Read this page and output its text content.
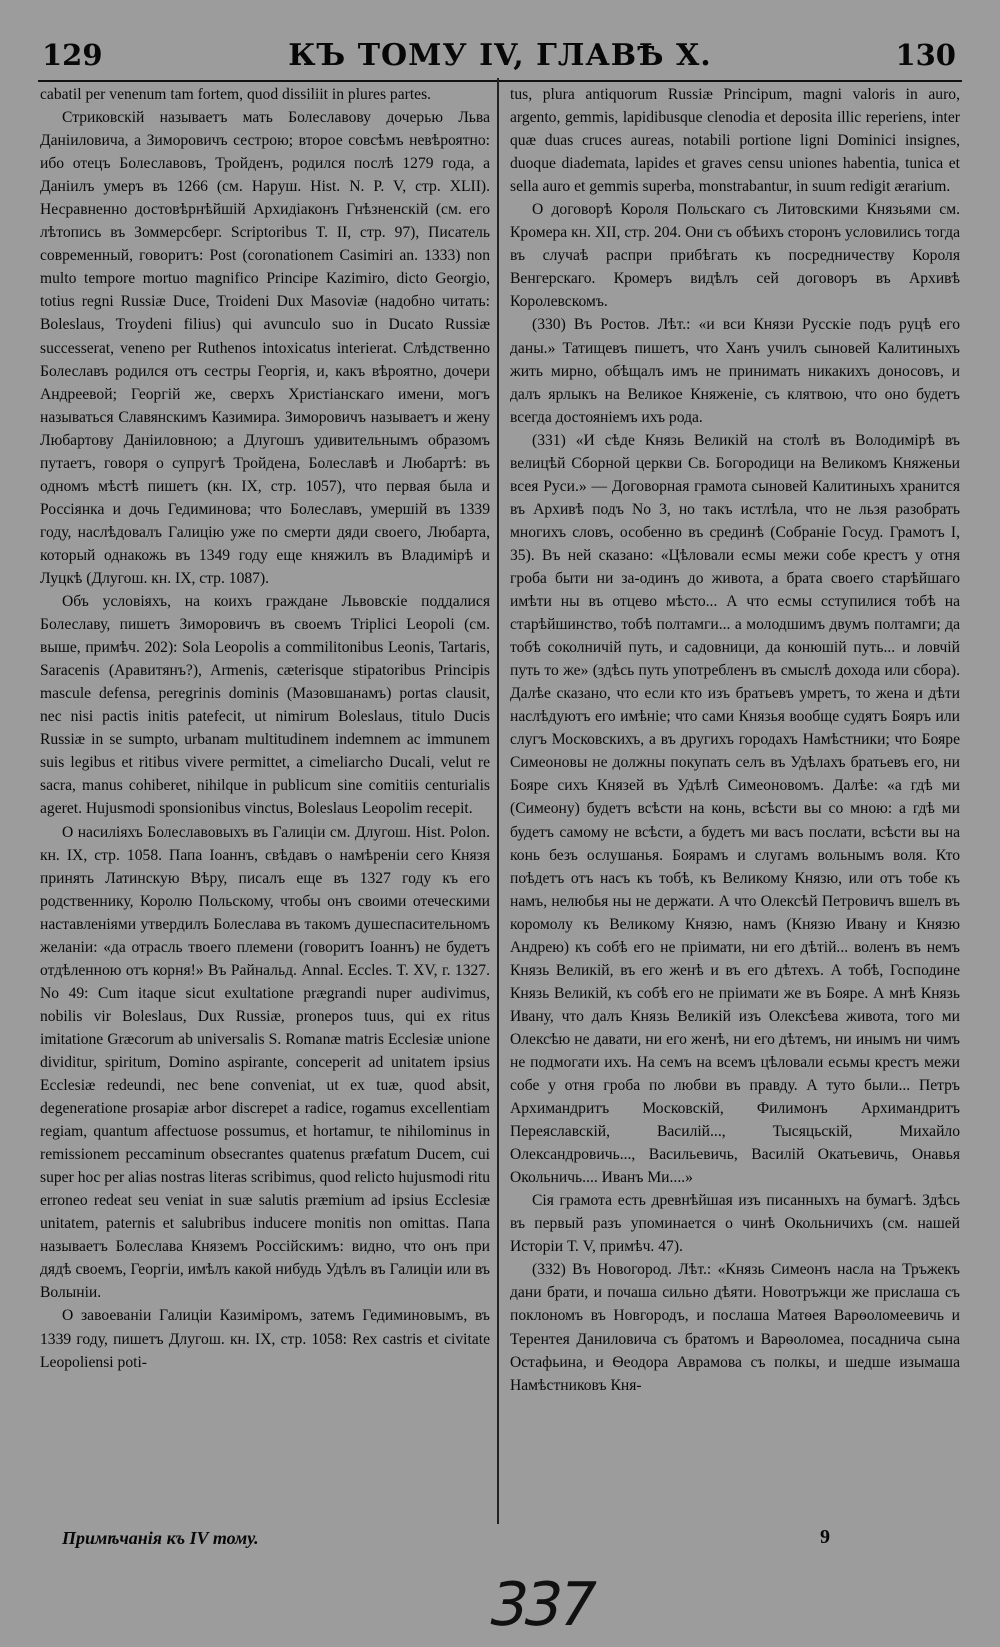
129	КЪ ТОМУ IV, ГЛАВѢ X.	130

cabatil per venenum tam fortem, quod dissiliit in plures partes.

Стриковскій называетъ мать Болеславову дочерью Льва Даніиловича, а Зиморовичъ сестрою; второе совсѣмъ невѣроятно: ибо отецъ Болеславовъ, Тройденъ, родился послѣ 1279 года, а Даніилъ умеръ въ 1266 (см. Наруш. Hist. N. P. V, стр. XLII). Несравненно достовѣрнѣйшій Архидіаконъ Гнѣзненскій (см. его лѣтопись въ Зоммерсберг. Scriptoribus T. II, стр. 97), Писатель современный, говоритъ: Post (coronationem Casimiri an. 1333) non multo tempore mortuo magnifico Principe Kazimiro, dicto Georgio, totius regni Russiæ Duce, Troideni Dux Masoviæ (надобно читать: Boleslaus, Troydeni filius) qui avunculo suo in Ducato Russiæ successerat, veneno per Ruthenos intoxicatus interierat. Слѣдственно Болеславъ родился отъ сестры Георгія, и, какъ вѣроятно, дочери Андреевой; Георгій же, сверхъ Христіанскаго имени, могъ называться Славянскимъ Казимира. Зиморовичъ называетъ и жену Любартову Даніиловною; а Длугошъ удивительнымъ образомъ путаетъ, говоря о супругѣ Тройдена, Болеславѣ и Любартѣ: въ одномъ мѣстѣ пишетъ (кн. IX, стр. 1057), что первая была и Россіянка и дочь Гедиминова; что Болеславъ, умершій въ 1339 году, наслѣдовалъ Галицію уже по смерти дяди своего, Любарта, который однакожь въ 1349 году еще княжилъ въ Владимірѣ и Луцкѣ (Длугош. кн. IX, стр. 1087).

Объ условіяхъ, на коихъ граждане Львовскіе поддалися Болеславу, пишетъ Зиморовичъ въ своемъ Triplici Leopoli (см. выше, примѣч. 202): Sola Leopolis a commilitonibus Leonis, Tartaris, Saracenis (Аравитянъ?), Armenis, cæterisque stipatoribus Principis mascule defensa, peregrinis dominis (Мазовшанамъ) portas clausit, nec nisi pactis initis patefecit, ut nimirum Boleslaus, titulo Ducis Russiæ in se sumpto, urbanam multitudinem indemnem ac immunem suis legibus et ritibus vivere permittet, a cimeliarcho Ducali, velut re sacra, manus cohiberet, nihilque in publicum sine comitiis centurialis ageret. Hujusmodi sponsionibus vinctus, Boleslaus Leopolim recepit.

О насиліяхъ Болеславовыхъ въ Галиціи см. Длугош. Hist. Polon. кн. IX, стр. 1058. Папа Іоаннъ, свѣдавъ о намѣреніи сего Князя принять Латинскую Вѣру, писалъ еще въ 1327 году къ его родственнику, Королю Польскому, чтобы онъ своими отеческими наставленіями утвердилъ Болеслава въ такомъ душеспасительномъ желаніи: «да отрасль твоего племени (говоритъ Іоаннъ) не будетъ отдѣленною отъ корня!» Въ Райнальд. Annal. Eccles. T. XV, г. 1327. No 49: Cum itaque sicut exultatione prægrandi nuper audivimus, nobilis vir Boleslaus, Dux Russiæ, pronepos tuus, qui ex ritus imitatione Græcorum ab universalis S. Romanæ matris Ecclesiæ unione dividitur, spiritum, Domino aspirante, conceperit ad unitatem ipsius Ecclesiæ redeundi, nec bene conveniat, ut ex tuæ, quod absit, degeneratione prosapiæ arbor discrepet a radice, rogamus excellentiam regiam, quantum affectuose possumus, et hortamur, te nihilominus in remissionem peccaminum obsecrantes quatenus præfatum Ducem, cui super hoc per alias nostras literas scribimus, quod relicto hujusmodi ritu erroneo redeat seu veniat in suæ salutis præmium ad ipsius Ecclesiæ unitatem, paternis et salubribus inducere monitis non omittas. Папа называетъ Болеслава Княземъ Россійскимъ: видно, что онъ при дядѣ своемъ, Георгіи, имѣлъ какой нибудь Удѣлъ въ Галиціи или въ Волыніи.

О завоеваніи Галиціи Казиміромъ, затемъ Гедиминовымъ, въ 1339 году, пишетъ Длугош. кн. IX, стр. 1058: Rex castris et civitate Leopoliensi poti-

tus, plura antiquorum Russiæ Principum, magni valoris in auro, argento, gemmis, lapidibusque clenodia et deposita illic reperiens, inter quæ duas cruces aureas, notabili portione ligni Dominici insignes, duoque diademata, lapides et graves censu uniones habentia, tunica et sella auro et gemmis superba, monstrabantur, in suum redigit ærarium.

О договорѣ Короля Польскаго съ Литовскими Князьями см. Кромера кн. XII, стр. 204. Они съ обѣихъ сторонъ условились тогда въ случаѣ распри прибѣгать къ посредничеству Короля Венгерскаго. Кромеръ видѣлъ сей договоръ въ Архивѣ Королевскомъ.

(330) Въ Ростов. Лѣт.: «и вси Князи Русскіе подъ руцѣ его даны.» Татищевъ пишетъ, что Ханъ училъ сыновей Калитиныхъ жить мирно, обѣщалъ имъ не принимать никакихъ доносовъ, и далъ ярлыкъ на Великое Княженіе, съ клятвою, что оно будетъ всегда достояніемъ ихъ рода.

(331) «И сѣде Князь Великій на столѣ въ Володимірѣ въ велицѣй Сборной церкви Св. Богородици на Великомъ Княженьи всея Руси.» — Договорная грамота сыновей Калитиныхъ хранится въ Архивѣ подъ No 3, но такъ истлѣла, что не льзя разобрать многихъ словъ, особенно въ срединѣ (Собраніе Госуд. Грамотъ I, 35). Въ ней сказано: «Цѣловали есмы межи собе крестъ у отня гроба быти ни за-одинъ до живота, а брата своего старѣйшаго имѣти ны въ отцево мѣсто... А что есмы сступилися тобѣ на старѣйшинство, тобѣ полтамги... а молодшимъ двумъ полтамги; да тобѣ соколничій путь, и садовници, да конюшій путь... и ловчій путь то же» (здѣсь путь употребленъ въ смыслѣ дохода или сбора). Далѣе сказано, что если кто изъ братьевъ умретъ, то жена и дѣти наслѣдуютъ его имѣніе; что сами Князья вообще судятъ Бояръ или слугъ Московскихъ, а въ другихъ городахъ Намѣстники; что Бояре Симеоновы не должны покупать селъ въ Удѣлахъ братьевъ его, ни Бояре сихъ Князей въ Удѣлѣ Симеоновомъ. Далѣе: «а гдѣ ми (Симеону) будетъ всѣсти на конь, всѣсти вы со мною: а гдѣ ми будетъ самому не всѣсти, а будетъ ми васъ послати, всѣсти вы на конь безъ ослушанья. Боярамъ и слугамъ вольнымъ воля. Кто поѣдетъ отъ насъ къ тобѣ, къ Великому Князю, или отъ тобе къ намъ, нелюбья ны не держати. А что Олексѣй Петровичъ вшелъ въ коромолу къ Великому Князю, намъ (Князю Ивану и Князю Андрею) къ собѣ его не пріимати, ни его дѣтій... воленъ въ немъ Князь Великій, въ его женѣ и въ его дѣтехъ. А тобѣ, Господине Князь Великій, къ собѣ его не пріимати же въ Бояре. А мнѣ Князь Ивану, что далъ Князь Великій изъ Олексѣева живота, того ми Олексѣю не давати, ни его женѣ, ни его дѣтемъ, ни инымъ ни чимъ не подмогати ихъ. На семъ на всемъ цѣловали есьмы крестъ межи собе у отня гроба по любви въ правду. А туто были... Петръ Архимандритъ Московскій, Филимонъ Архимандритъ Переяславскій, Василій..., Тысяцьскій, Михайло Олександровичь..., Васильевичь, Василій Окатьевичь, Онавья Окольничь.... Иванъ Ми....»

Сія грамота есть древнѣйшая изъ писанныхъ на бумагѣ. Здѣсь въ первый разъ упоминается о чинѣ Окольничихъ (см. нашей Исторіи Т. V, примѣч. 47).

(332) Въ Новогород. Лѣт.: «Князь Симеонъ наслa на Тръжекъ дани брати, и почаша сильно дѣяти. Новотръжци же прислаша съ поклономъ въ Новгородъ, и послаша Матѳея Варѳоломеевичь и Терентея Даниловича съ братомъ и Варѳоломеа, посадничa сына Остафьина, и Ѳеодора Аврамова съ полкы, и шедше изымаша Намѣстниковъ Кня-

Примѣчанія къ IV тому.	9
337
